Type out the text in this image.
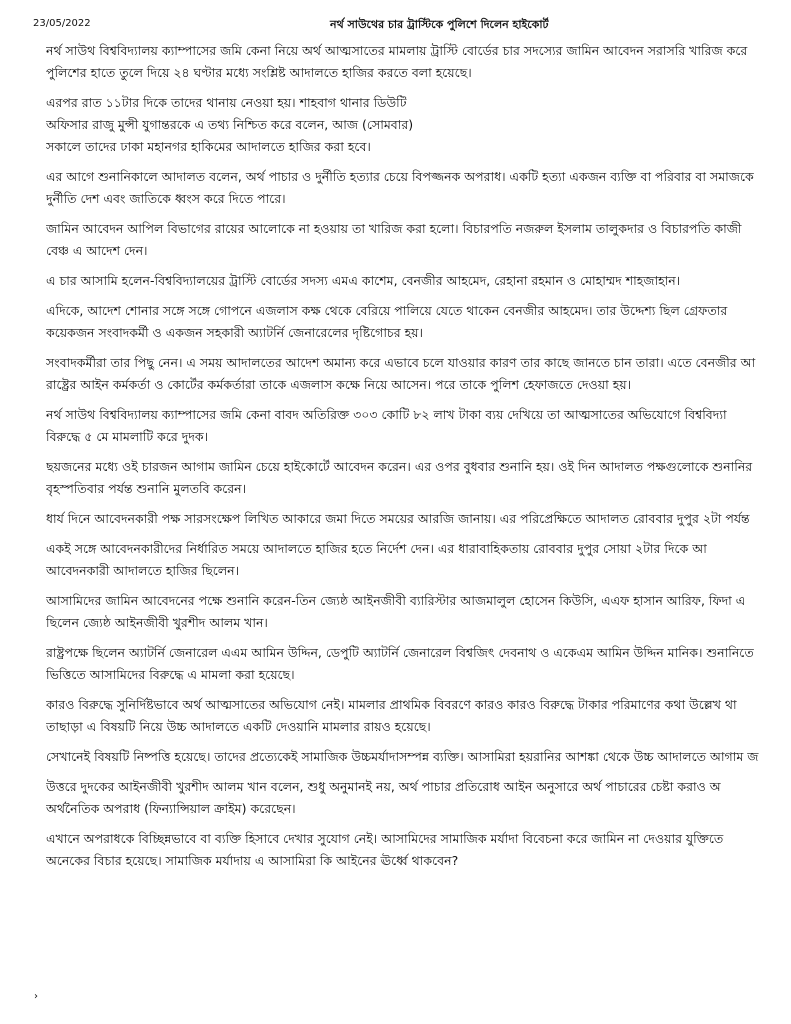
23/05/2022	নর্থ সাউথের চার ট্রাস্টিকে পুলিশে দিলেন হাইকোর্ট

নর্থ সাউথ বিশ্ববিদ্যালয় ক্যাম্পাসের জমি কেনা নিয়ে অর্থ আত্মসাতের মামলায় ট্রাস্টি বোর্ডের চার সদস্যের জামিন আবেদন সরাসরি খারিজ করে

পুলিশের হাতে তুলে দিয়ে ২৪ ঘণ্টার মধ্যে সংশ্লিষ্ট আদালতে হাজির করতে বলা হয়েছে।

এরপর রাত ১১টার দিকে তাদের থানায় নেওয়া হয়। শাহবাগ থানার ডিউটি

অফিসার রাজু মুন্সী যুগান্তরকে এ তথ্য নিশ্চিত করে বলেন, আজ (সোমবার)

সকালে তাদের ঢাকা মহানগর হাকিমের আদালতে হাজির করা হবে।

এর আগে শুনানিকালে আদালত বলেন, অর্থ পাচার ও দুর্নীতি হত্যার চেয়ে বিপজ্জনক অপরাধ। একটি হত্যা একজন ব্যক্তি বা পরিবার বা সমাজকে

দুর্নীতি দেশ এবং জাতিকে ধ্বংস করে দিতে পারে।

জামিন আবেদন আপিল বিভাগের রায়ের আলোকে না হওয়ায় তা খারিজ করা হলো। বিচারপতি নজরুল ইসলাম তালুকদার ও বিচারপতি কাজী

বেঞ্চ এ আদেশ দেন।

এ চার আসামি হলেন-বিশ্ববিদ্যালয়ের ট্রাস্টি বোর্ডের সদস্য এমএ কাশেম, বেনজীর আহমেদ, রেহানা রহমান ও মোহাম্মদ শাহজাহান।

এদিকে, আদেশ শোনার সঙ্গে সঙ্গে গোপনে এজলাস কক্ষ থেকে বেরিয়ে পালিয়ে যেতে থাকেন বেনজীর আহমেদ। তার উদ্দেশ্য ছিল গ্রেফতার

কয়েকজন সংবাদকর্মী ও একজন সহকারী অ্যাটর্নি জেনারেলের দৃষ্টিগোচর হয়।

সংবাদকর্মীরা তার পিছু নেন। এ সময় আদালতের আদেশ অমান্য করে এভাবে চলে যাওয়ার কারণ তার কাছে জানতে চান তারা। এতে বেনজীর আ

রাষ্ট্রের আইন কর্মকর্তা ও কোর্টের কর্মকর্তারা তাকে এজলাস কক্ষে নিয়ে আসেন। পরে তাকে পুলিশ হেফাজতে দেওয়া হয়।

নর্থ সাউথ বিশ্ববিদ্যালয় ক্যাম্পাসের জমি কেনা বাবদ অতিরিক্ত ৩০৩ কোটি ৮২ লাখ টাকা ব্যয় দেখিয়ে তা আত্মসাতের অভিযোগে বিশ্ববিদ্যা

বিরুদ্ধে ৫ মে মামলাটি করে দুদক।

ছয়জনের মধ্যে ওই চারজন আগাম জামিন চেয়ে হাইকোর্টে আবেদন করেন। এর ওপর বুধবার শুনানি হয়। ওই দিন আদালত পক্ষগুলোকে শুনানির

বৃহস্পতিবার পর্যন্ত শুনানি মুলতবি করেন।

ধার্য দিনে আবেদনকারী পক্ষ সারসংক্ষেপ লিখিত আকারে জমা দিতে সময়ের আরজি জানায়। এর পরিপ্রেক্ষিতে আদালত রোববার দুপুর ২টা পর্যন্ত

একই সঙ্গে আবেদনকারীদের নির্ধারিত সময়ে আদালতে হাজির হতে নির্দেশ দেন। এর ধারাবাহিকতায় রোববার দুপুর সোয়া ২টার দিকে আ

আবেদনকারী আদালতে হাজির ছিলেন।

আসামিদের জামিন আবেদনের পক্ষে শুনানি করেন-তিন জ্যেষ্ঠ আইনজীবী ব্যারিস্টার আজমালুল হোসেন কিউসি, এএফ হাসান আরিফ, ফিদা এ

ছিলেন জ্যেষ্ঠ আইনজীবী খুরশীদ আলম খান।

রাষ্ট্রপক্ষে ছিলেন অ্যাটর্নি জেনারেল এএম আমিন উদ্দিন, ডেপুটি অ্যাটর্নি জেনারেল বিশ্বজিৎ দেবনাথ ও একেএম আমিন উদ্দিন মানিক। শুনানিতে

ভিত্তিতে আসামিদের বিরুদ্ধে এ মামলা করা হয়েছে।

কারও বিরুদ্ধে সুনির্দিষ্টভাবে অর্থ আত্মসাতের অভিযোগ নেই। মামলার প্রাথমিক বিবরণে কারও কারও বিরুদ্ধে টাকার পরিমাণের কথা উল্লেখ থা

তাছাড়া এ বিষয়টি নিয়ে উচ্চ আদালতে একটি দেওয়ানি মামলার রায়ও হয়েছে।

সেখানেই বিষয়টি নিষ্পত্তি হয়েছে। তাদের প্রত্যেকেই সামাজিক উচ্চমর্যাদাসম্পন্ন ব্যক্তি। আসামিরা হয়রানির আশঙ্কা থেকে উচ্চ আদালতে আগাম জ

উত্তরে দুদকের আইনজীবী খুরশীদ আলম খান বলেন, শুধু অনুমানই নয়, অর্থ পাচার প্রতিরোধ আইন অনুসারে অর্থ পাচারের চেষ্টা করাও অ

অর্থনৈতিক অপরাধ (ফিন্যান্সিয়াল ক্রাইম) করেছেন।

এখানে অপরাধকে বিচ্ছিন্নভাবে বা ব্যক্তি হিসাবে দেখার সুযোগ নেই। আসামিদের সামাজিক মর্যাদা বিবেচনা করে জামিন না দেওয়ার যুক্তিতে

অনেকের বিচার হয়েছে। সামাজিক মর্যাদায় এ আসামিরা কি আইনের ঊর্ধ্বে থাকবেন?

›
